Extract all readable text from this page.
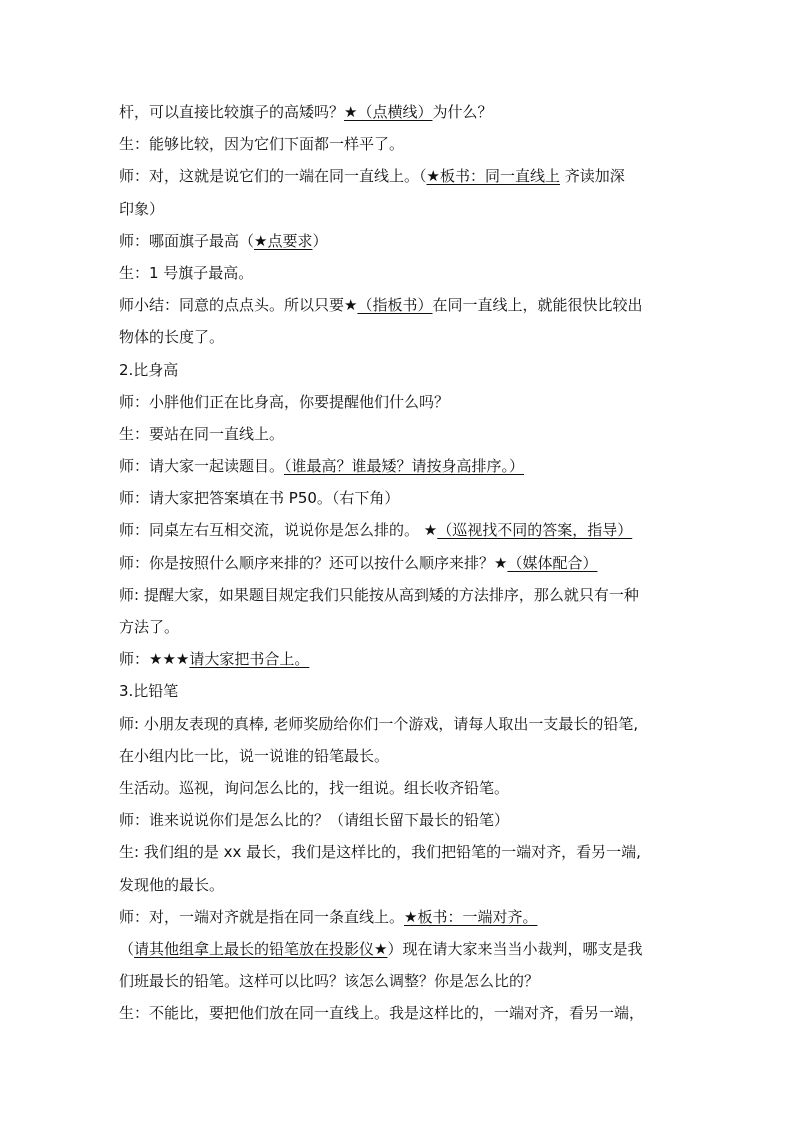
杆，可以直接比较旗子的高矮吗？★（点横线）为什么？
生：能够比较，因为它们下面都一样平了。
师：对，这就是说它们的一端在同一直线上。（★板书：同一直线上 齐读加深
印象）
师：哪面旗子最高（★点要求）
生：1 号旗子最高。
师小结：同意的点点头。所以只要★（指板书）在同一直线上，就能很快比较出
物体的长度了。
2.比身高
师：小胖他们正在比身高，你要提醒他们什么吗？
生：要站在同一直线上。
师：请大家一起读题目。（谁最高？谁最矮？请按身高排序。）
师：请大家把答案填在书 P50。（右下角）
师：同桌左右互相交流，说说你是怎么排的。 ★（巡视找不同的答案，指导）
师：你是按照什么顺序来排的？还可以按什么顺序来排？★（媒体配合）
师: 提醒大家，如果题目规定我们只能按从高到矮的方法排序，那么就只有一种
方法了。
师：★★★请大家把书合上。
3.比铅笔
师: 小朋友表现的真棒, 老师奖励给你们一个游戏，请每人取出一支最长的铅笔,
在小组内比一比，说一说谁的铅笔最长。
生活动。巡视，询问怎么比的，找一组说。组长收齐铅笔。
师：谁来说说你们是怎么比的？（请组长留下最长的铅笔）
生: 我们组的是 xx 最长，我们是这样比的，我们把铅笔的一端对齐，看另一端,
发现他的最长。
师：对，一端对齐就是指在同一条直线上。★板书：一端对齐。
（请其他组拿上最长的铅笔放在投影仪★）现在请大家来当当小裁判，哪支是我
们班最长的铅笔。这样可以比吗？该怎么调整？你是怎么比的？
生：不能比，要把他们放在同一直线上。我是这样比的，一端对齐，看另一端，
